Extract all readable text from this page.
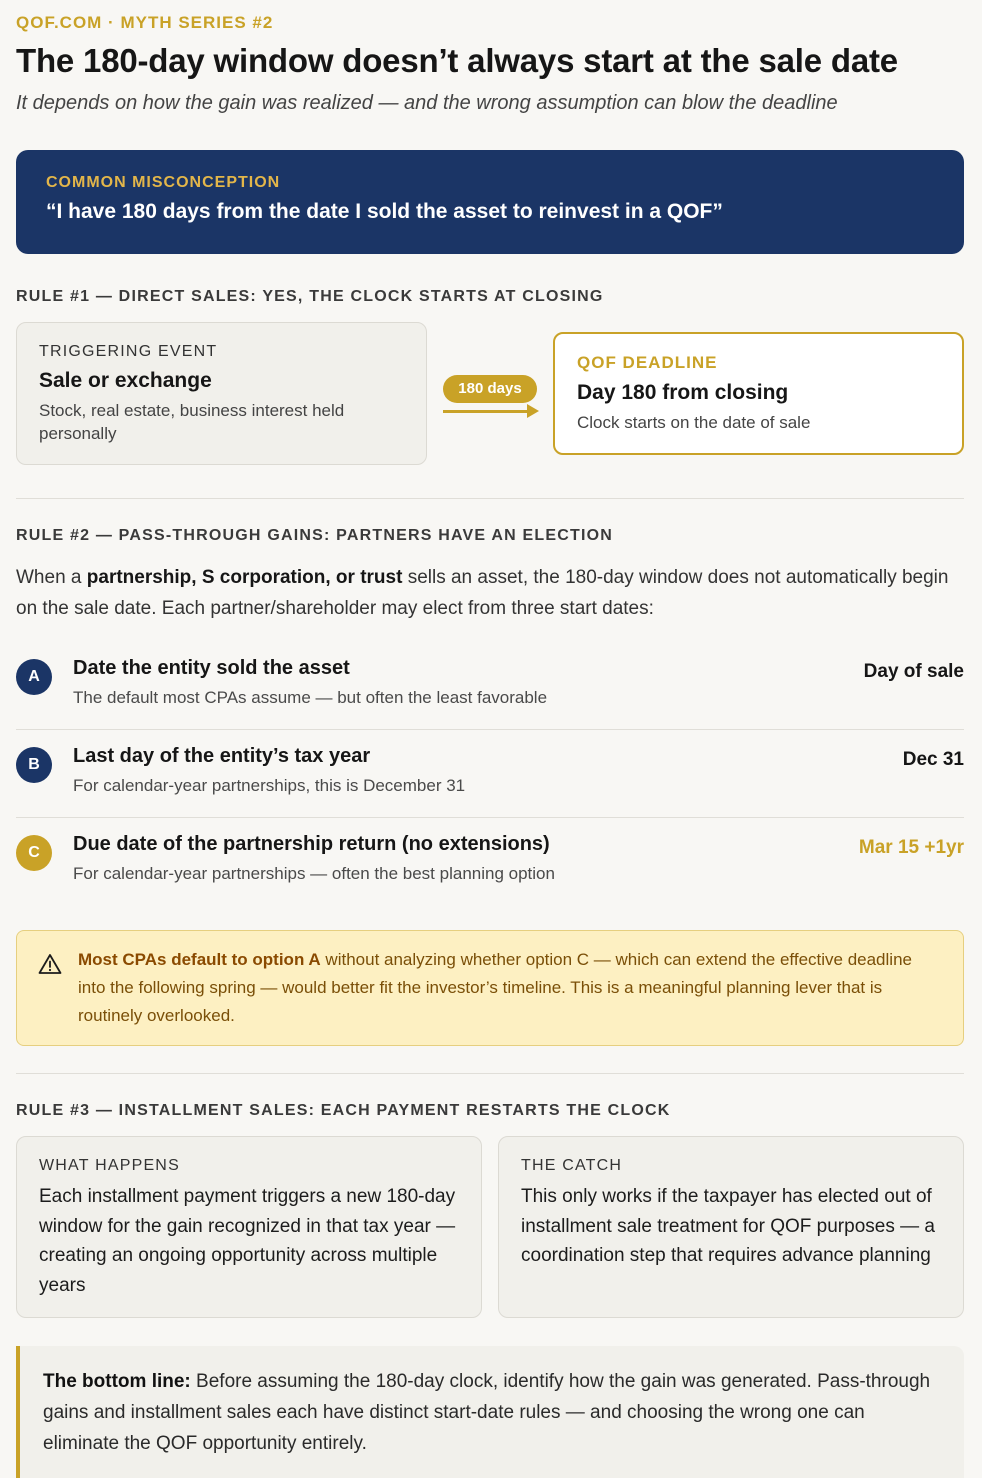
QOF.COM · MYTH SERIES #2
The 180-day window doesn’t always start at the sale date
It depends on how the gain was realized — and the wrong assumption can blow the deadline
COMMON MISCONCEPTION
“I have 180 days from the date I sold the asset to reinvest in a QOF”
RULE #1 — DIRECT SALES: YES, THE CLOCK STARTS AT CLOSING
TRIGGERING EVENT
Sale or exchange
Stock, real estate, business interest held personally
180 days
QOF DEADLINE
Day 180 from closing
Clock starts on the date of sale
RULE #2 — PASS-THROUGH GAINS: PARTNERS HAVE AN ELECTION

When a partnership, S corporation, or trust sells an asset, the 180-day window does not automatically begin on the sale date. Each partner/shareholder may elect from three start dates:

A	Date the entity sold the asset
The default most CPAs assume — but often the least favorable
Day of sale
B	Last day of the entity’s tax year
For calendar-year partnerships, this is December 31
Dec 31
C	Due date of the partnership return (no extensions)
For calendar-year partnerships — often the best planning option
Mar 15 +1yr
Most CPAs default to option A without analyzing whether option C — which can extend the effective deadline into the following spring — would better fit the investor’s timeline. This is a meaningful planning lever that is routinely overlooked.
RULE #3 — INSTALLMENT SALES: EACH PAYMENT RESTARTS THE CLOCK
WHAT HAPPENS
Each installment payment triggers a new 180-day window for the gain recognized in that tax year — creating an ongoing opportunity across multiple years
THE CATCH
This only works if the taxpayer has elected out of installment sale treatment for QOF purposes — a coordination step that requires advance planning
The bottom line: Before assuming the 180-day clock, identify how the gain was generated. Pass-through gains and installment sales each have distinct start-date rules — and choosing the wrong one can eliminate the QOF opportunity entirely.
